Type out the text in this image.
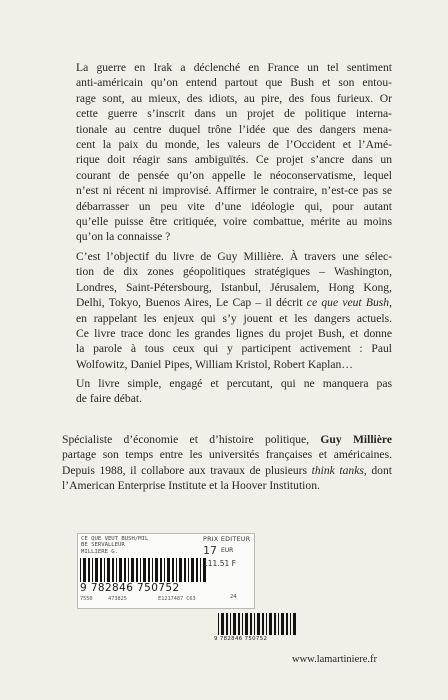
La guerre en Irak a déclenché en France un tel sentiment
anti-américain qu’on entend partout que Bush et son entou-
rage sont, au mieux, des idiots, au pire, des fous furieux. Or
cette guerre s’inscrit dans un projet de politique interna-
tionale au centre duquel trône l’idée que des dangers mena-
cent la paix du monde, les valeurs de l’Occident et l’Amé-
rique doit réagir sans ambiguïtés. Ce projet s’ancre dans un
courant de pensée qu’on appelle le néoconservatisme, lequel
n’est ni récent ni improvisé. Affirmer le contraire, n’est-ce pas se
débarrasser un peu vite d’une idéologie qui, pour autant
qu’elle puisse être critiquée, voire combattue, mérite au moins
qu’on la connaisse ?
C’est l’objectif du livre de Guy Millière. À travers une sélec-
tion de dix zones géopolitiques stratégiques – Washington,
Londres, Saint-Pétersbourg, Istanbul, Jérusalem, Hong Kong,
Delhi, Tokyo, Buenos Aires, Le Cap – il décrit ce que veut Bush,
en rappelant les enjeux qui s’y jouent et les dangers actuels.
Ce livre trace donc les grandes lignes du projet Bush, et donne
la parole à tous ceux qui y participent activement : Paul
Wolfowitz, Daniel Pipes, William Kristol, Robert Kaplan…
Un livre simple, engagé et percutant, qui ne manquera pas
de faire débat.
Spécialiste d’économie et d’histoire politique, Guy Millière
partage son temps entre les universités françaises et américaines.
Depuis 1988, il collabore aux travaux de plusieurs think tanks, dont
l’American Enterprise Institute et la Hoover Institution.
CE QUE VEUT BUSH/MIL
BE SERVALLEUR
MILLIERE G.
9 782846 750752
7550	473825	E1217487 C63
PRIX EDITEUR
17 EUR
111.51 F
24
9 782846 750752
www.lamartiniere.fr
